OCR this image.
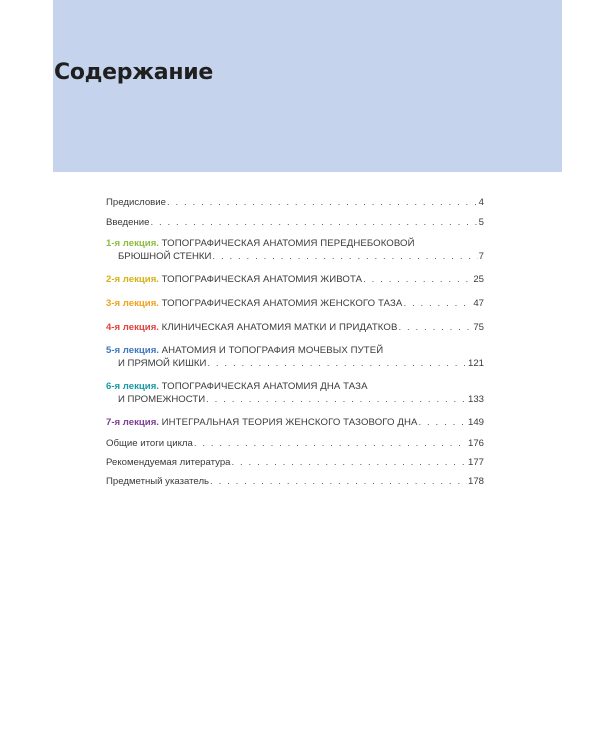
Содержание
Предисловие . . .	4
Введение . . .	5
1-я лекция. ТОПОГРАФИЧЕСКАЯ АНАТОМИЯ ПЕРЕДНЕБОКОВОЙ
БРЮШНОЙ СТЕНКИ . . .	7
2-я лекция. ТОПОГРАФИЧЕСКАЯ АНАТОМИЯ ЖИВОТА . . .	25
3-я лекция. ТОПОГРАФИЧЕСКАЯ АНАТОМИЯ ЖЕНСКОГО ТАЗА . . .	47
4-я лекция. КЛИНИЧЕСКАЯ АНАТОМИЯ МАТКИ И ПРИДАТКОВ . . .	75
5-я лекция. АНАТОМИЯ И ТОПОГРАФИЯ МОЧЕВЫХ ПУТЕЙ
И ПРЯМОЙ КИШКИ . . .	121
6-я лекция. ТОПОГРАФИЧЕСКАЯ АНАТОМИЯ ДНА ТАЗА
И ПРОМЕЖНОСТИ . . .	133
7-я лекция. ИНТЕГРАЛЬНАЯ ТЕОРИЯ ЖЕНСКОГО ТАЗОВОГО ДНА . . .	149
Общие итоги цикла . . .	176
Рекомендуемая литература . . .	177
Предметный указатель . . .	178
